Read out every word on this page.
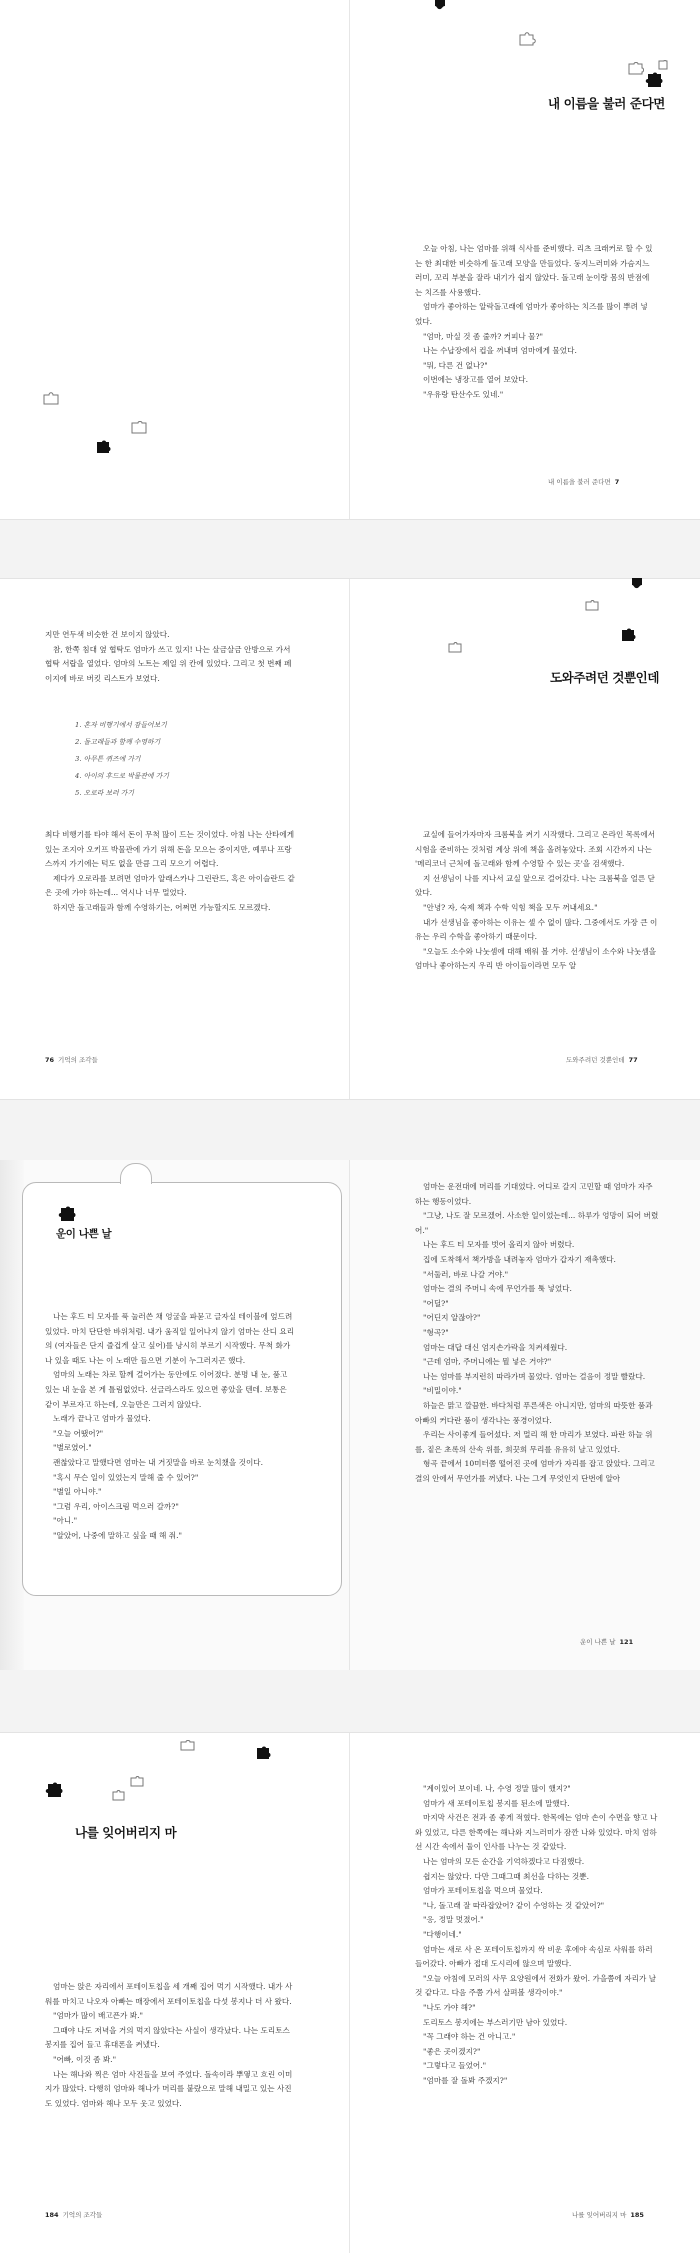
내 이름을 불러 준다면

오늘 아침, 나는 엄마를 위해 식사를 준비했다. 리츠 크래커로 할 수 있는 한 최대한 비슷하게 돌고래 모양을 만들었다. 둥지느러미와 가슴지느러미, 꼬리 부분을 잘라 내기가 쉽지 않았다. 돌고래 눈이랑 몸의 반점에는 치즈를 사용했다.

엄마가 좋아하는 알락돌고래에 엄마가 좋아하는 치즈를 많이 뿌려 넣었다.

"엄마, 마실 것 좀 줄까? 커피나 물?"

나는 수납장에서 컵을 꺼내며 엄마에게 물었다.

"뭐, 다른 건 없나?"

이번에는 냉장고를 열어 보았다.

"우유랑 탄산수도 있네."

내 이름을 불러 준다면 7

지만 연두색 비슷한 건 보이지 않았다.

참, 한쪽 침대 옆 협탁도 엄마가 쓰고 있지! 나는 살금살금 안방으로 가서 협탁 서랍을 열었다. 엄마의 노트는 제일 위 칸에 있었다. 그리고 첫 번째 페이지에 바로 버킷 리스트가 보였다.

1. 혼자 비행기에서 잠들어보기
2. 돌고래들과 함께 수영하기
3. 아무튼 퀴즈에 가기
4. 아이의 후드로 박물관에 가기
5. 오로라 보러 가기

최다 비행기를 타야 해서 돈이 무척 많이 드는 것이었다. 아침 나는 산타에게 있는 조지아 오키프 박물관에 가기 위해 돈을 모으는 중이지만, 예루나 프랑스까지 가기에는 턱도 없을 만큼 그리 모으기 어렵다.

제다가 오로라를 보려면 엄마가 알래스카나 그린란드, 혹은 아이슬란드 같은 곳에 가야 하는데... 역시나 너무 멀었다.

하지만 돌고래들과 함께 수영하기는, 어쩌면 가능할지도 모르겠다.

76 기억의 조각들
도와주려던 것뿐인데

교실에 들어가자마자 크롬북을 켜기 시작했다. 그리고 온라인 목록에서 시험을 준비하는 것처럼 계상 위에 책을 올려놓았다. 조회 시간까지 나는 '메리코너 근처에 돌고래와 함께 수영할 수 있는 곳'을 검색했다.

지 선생님이 나를 지나서 교실 앞으로 걸어갔다. 나는 크롬북을 얼른 닫았다.

"안녕? 자, 숙제 책과 수학 익힘 책을 모두 꺼내세요."

내가 선생님을 좋아하는 이유는 셀 수 없이 많다. 그중에서도 가장 큰 이유는 우리 수학을 좋아하기 때문이다.

"오늘도 소수와 나눗셈에 대해 배워 볼 거야. 선생님이 소수와 나눗셈을 엄마나 좋아하는지 우리 반 아이들이라면 모두 알

도와주려던 것뿐인데 77
운이 나쁜 날

나는 후드 티 모자를 푹 눌러쓴 채 엉굴을 파묻고 글자실 테이블에 엎드려 있었다. 마치 단단한 바위처럼. 내가 움직일 일어나지 않기 엄마는 산디 요리의 (여자들은 단지 즐겁게 살고 싶어)를 낭시히 부르기 시작했다. 무척 화가 나 있을 때도 나는 이 노래만 들으면 기분이 누그러지곤 했다.

엄마의 노래는 차로 할께 걸어가는 동안에도 이어졌다. 분명 내 눈, 품고 있는 내 눈을 본 게 틀림없었다. 선글라스라도 있으면 좋았을 텐데. 보통은 같이 부르자고 하는데, 오늘만은 그러지 않았다.

노래가 끝나고 엄마가 물었다.

"오늘 어땠어?"

"별로였어."

괜찮았다고 말했다면 엄마는 내 거짓말을 바로 눈치챘을 것이다.

"혹시 무슨 일이 있었는지 말해 줄 수 있어?"

"별일 아니야."

"그럼 우리, 아이스크림 먹으러 갈까?"

"아니."

"알았어, 나중에 말하고 싶을 때 해 줘."

엄마는 운전대에 머리를 기대었다. 어디로 갈지 고민할 때 엄마가 자주 하는 행동이었다.

"그냥, 나도 잘 모르겠어. 사소한 일이었는데... 하루가 엉망이 되어 버렸어."

나는 후드 티 모자를 벗어 올리지 않아 버렸다.

집에 도착해서 책가방을 내려놓자 엄마가 갑자기 재촉했다.

"서둘러, 바로 나갈 거야."

엄마는 결의 주머니 속에 무언가를 툭 넣었다.

"어딜?"

"어딘지 알잖아?"

"형곡?"

엄마는 대답 대신 엄지손가락을 치켜세웠다.

"근데 엄마, 주머니에는 뭘 넣은 거야?"

나는 엄마를 부지런히 따라가며 물었다. 엄마는 걸음이 정말 빨랐다.

"비밀이야."

하늘은 맑고 깔끔한. 바다처럼 푸른색은 아니지만, 엄마의 따뜻한 품과 아빠의 커다란 품이 생각나는 풍경이었다.

우리는 사이좋게 들어섰다. 저 멀리 해 한 마리가 보였다. 파란 하늘 위를, 짙은 초록의 산속 위를, 희끗희 무리를 유유히 날고 있었다.

형곡 끝에서 10미터쯤 떨어진 곳에 엄마가 자리를 잡고 앉았다. 그리고 결의 안에서 무언가를 꺼냈다. 나는 그게 무엇인지 단번에 알아

운이 나쁜 날 121
나를 잊어버리지 마

엄마는 앉은 자리에서 포테이토칩을 세 개째 집어 먹기 시작했다. 내가 사워를 마치고 나오자 아빠는 매장에서 포테이토칩을 다섯 봉지나 더 사 왔다.

"엄마가 많이 배고픈가 봐."

그때야 나도 저녁을 거의 먹지 않았다는 사실이 생각났다. 나는 도리토스 봉지를 집어 들고 휴대폰을 켜냈다.

"어빠, 이것 좀 봐."

나는 해나와 찍은 엄마 사진들을 보여 주었다. 돌속이라 뿌옇고 흐린 이미지가 많았다. 다행히 엄마와 해나가 머리를 붙랐으로 말해 내밀고 있는 사진도 있었다. 엄마와 해나 모두 웃고 있었다.

184 기억의 조각들

"계이있어 보이네. 나, 수영 정말 많이 했지?"

엄마가 새 포테이토칩 봉지를 된소에 말했다.

마지막 사건은 전과 좀 좋게 적혔다. 한목에는 엄마 손이 수면을 향고 나와 있었고, 다른 한쪽에는 해나와 지느러미가 잠깐 나와 있었다. 마치 엄하선 시간 속에서 둘이 인사를 나누는 것 같았다.

나는 엄마의 모든 순간을 기억하겠다고 다짐했다.

쉽지는 않았다. 다만 그때그때 최선을 다하는 것뿐.

엄마가 포테이토칩을 먹으며 물었다.

"나, 돌고래 잘 따라잡았어? 같이 수영하는 것 같았어?"

"응, 정말 멋졌어."

"다행이네."

엄마는 새로 사 온 포테이토칩까지 싹 비운 후에야 속심로 사워를 하러 들어갔다. 아빠가 접대 도시리에 않으며 말했다.

"오늘 아침에 모러의 사무 요양원에서 전화가 왔어. 가을쯤에 자리가 날 것 같다고. 다음 주쯤 가서 살펴볼 생각이야."

"나도 가야 해?"

도리토스 봉지에는 부스러기만 남아 있었다.

"꼭 그래야 하는 건 아니고."

"좋은 곳이겠지?"

"그렇다고 들었어."

"엄마를 잘 돌봐 주겠지?"

나를 잊어버리지 마 185
